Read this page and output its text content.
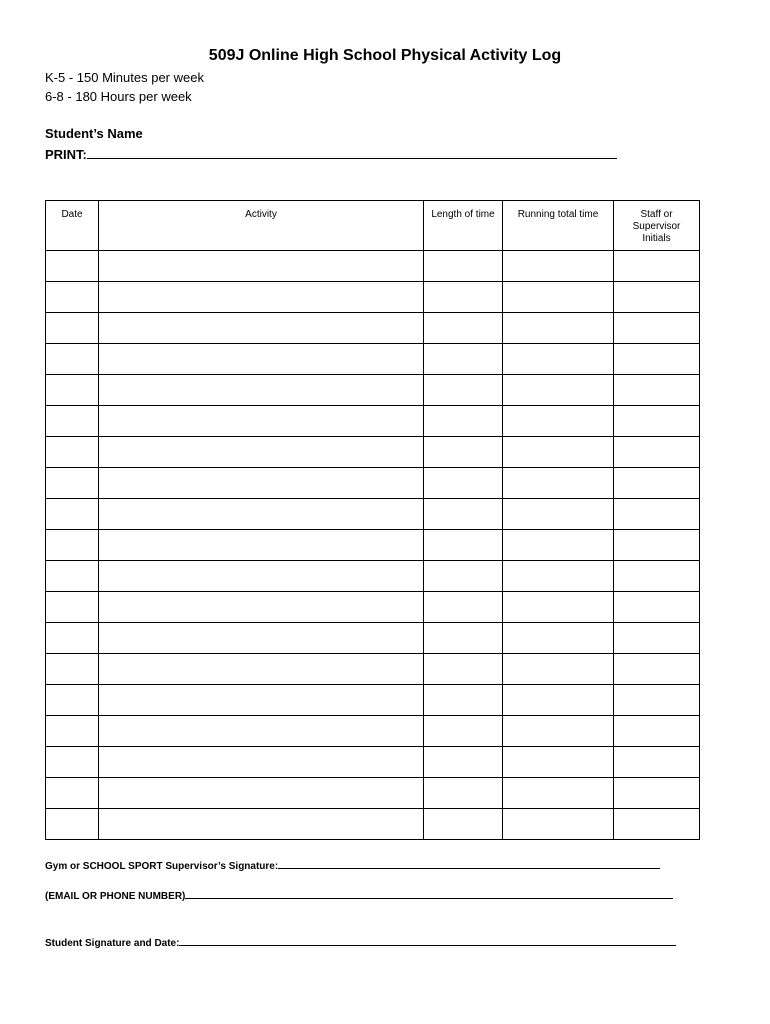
509J Online High School Physical Activity Log
K-5 - 150 Minutes per week
6-8 - 180 Hours per week
Student’s Name
PRINT:
Date	Activity	Length of time	Running total time	Staff or Supervisor Initials

Gym or SCHOOL SPORT Supervisor’s Signature:
(EMAIL OR PHONE NUMBER)
Student Signature and Date:
